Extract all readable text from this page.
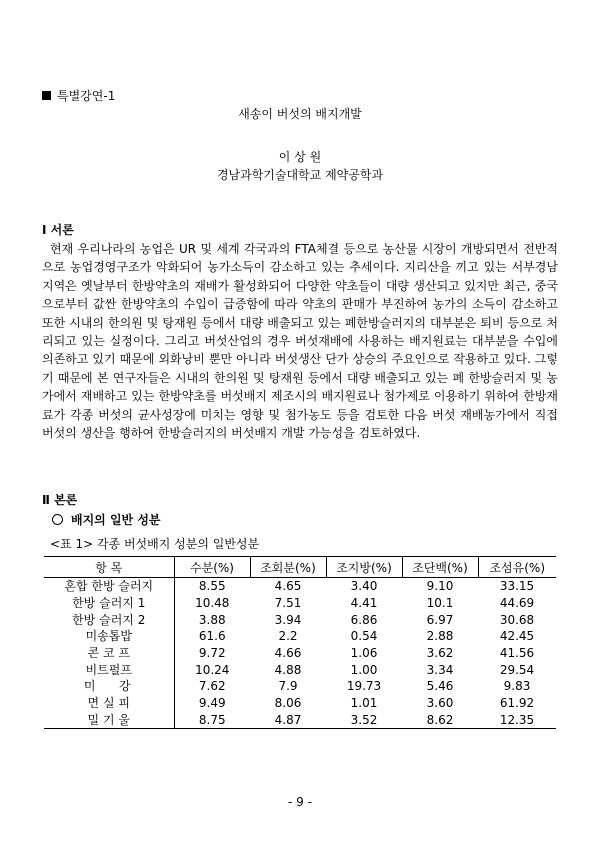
특별강연-1
새송이 버섯의 배지개발
이 상 원
경남과학기술대학교 제약공학과
Ⅰ 서론

현재 우리나라의 농업은 UR 및 세계 각국과의 FTA체결 등으로 농산물 시장이 개방되면서 전반적으로 농업경영구조가 악화되어 농가소득이 감소하고 있는 추세이다. 지리산을 끼고 있는 서부경남지역은 옛날부터 한방약초의 재배가 활성화되어 다양한 약초들이 대량 생산되고 있지만 최근, 중국으로부터 값싼 한방약초의 수입이 급증함에 따라 약초의 판매가 부진하여 농가의 소득이 감소하고 또한 시내의 한의원 및 탕재원 등에서 대량 배출되고 있는 폐한방슬러지의 대부분은 퇴비 등으로 처리되고 있는 실정이다. 그리고 버섯산업의 경우 버섯재배에 사용하는 배지원료는 대부분을 수입에 의존하고 있기 때문에 외화낭비 뿐만 아니라 버섯생산 단가 상승의 주요인으로 작용하고 있다. 그렇기 때문에 본 연구자들은 시내의 한의원 및 탕재원 등에서 대량 배출되고 있는 폐 한방슬러지 및 농가에서 재배하고 있는 한방약초를 버섯배지 제조시의 배지원료나 첨가제로 이용하기 위하여 한방재료가 각종 버섯의 균사성장에 미치는 영향 및 첨가농도 등을 검토한 다음 버섯 재배농가에서 직접 버섯의 생산을 행하여 한방슬러지의 버섯배지 개발 가능성을 검토하였다.

Ⅱ 본론
배지의 일반 성분
<표 1> 각종 버섯배지 성분의 일반성분
항 목	수분(%)	조회분(%)	조지방(%)	조단백(%)	조섬유(%)
혼합 한방 슬러지	8.55	4.65	3.40	9.10	33.15
한방 슬러지 1	10.48	7.51	4.41	10.1	44.69
한방 슬러지 2	3.88	3.94	6.86	6.97	30.68
미송톱밥	61.6	2.2	0.54	2.88	42.45
콘 코 프	9.72	4.66	1.06	3.62	41.56
비트펄프	10.24	4.88	1.00	3.34	29.54
미   강	7.62	7.9	19.73	5.46	9.83
면 실 피	9.49	8.06	1.01	3.60	61.92
밀 기 울	8.75	4.87	3.52	8.62	12.35
- 9 -
